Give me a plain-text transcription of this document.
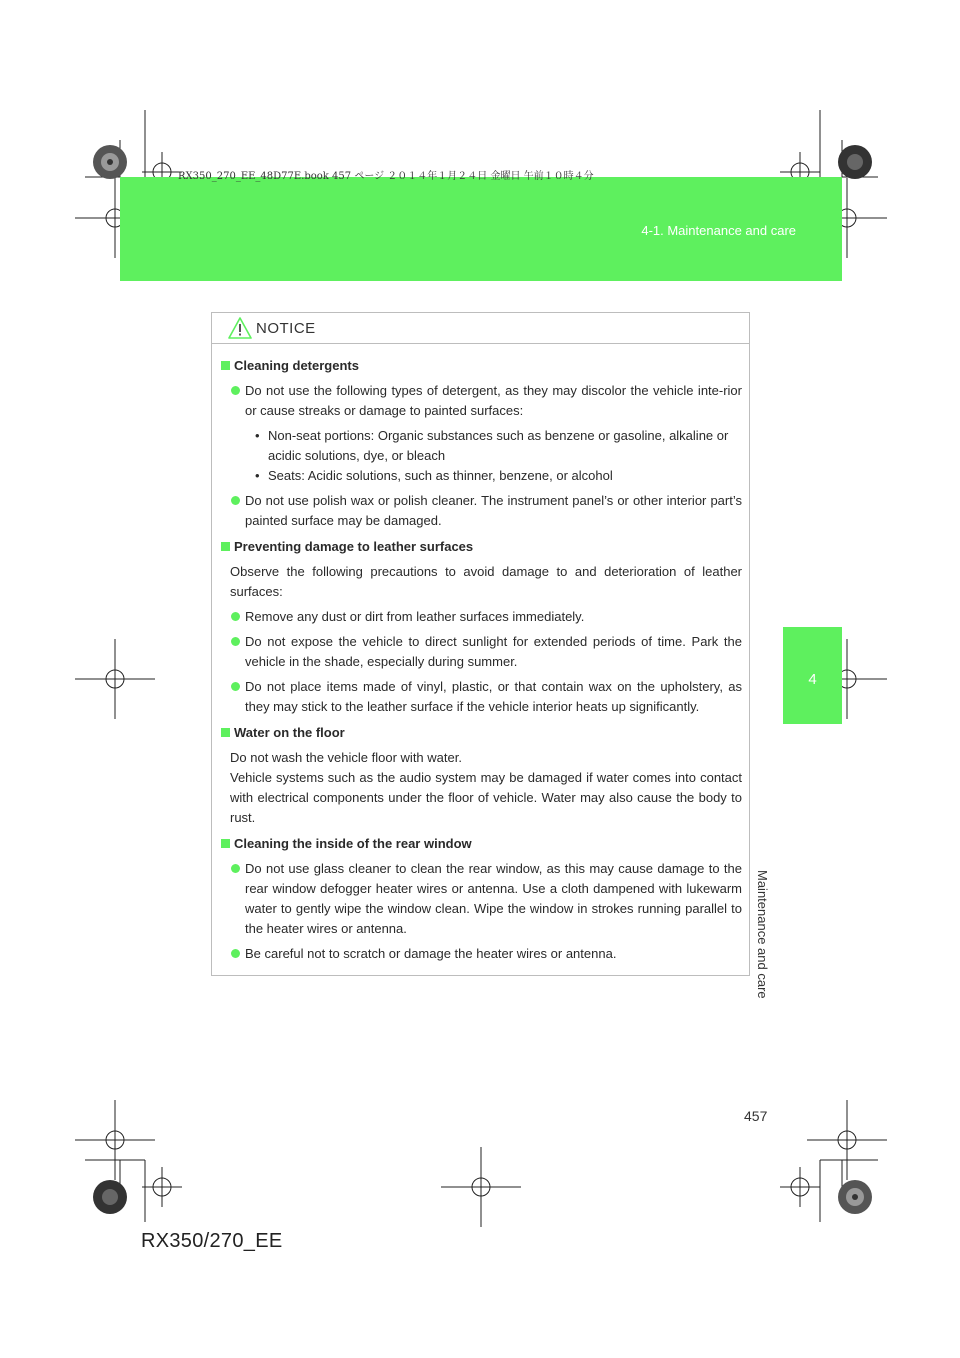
RX350_270_EE_48D77E.book 457 ページ ２０１４年１月２４日 金曜日 午前１０時４分
4-1. Maintenance and care
4
Maintenance and care
NOTICE
Cleaning detergents
Do not use the following types of detergent, as they may discolor the vehicle inte-rior or cause streaks or damage to painted surfaces:
• Non-seat portions: Organic substances such as benzene or gasoline, alkaline or acidic solutions, dye, or bleach
• Seats: Acidic solutions, such as thinner, benzene, or alcohol
Do not use polish wax or polish cleaner. The instrument panel’s or other interior part’s painted surface may be damaged.
Preventing damage to leather surfaces
Observe the following precautions to avoid damage to and deterioration of leather surfaces:
Remove any dust or dirt from leather surfaces immediately.
Do not expose the vehicle to direct sunlight for extended periods of time. Park the vehicle in the shade, especially during summer.
Do not place items made of vinyl, plastic, or that contain wax on the upholstery, as they may stick to the leather surface if the vehicle interior heats up significantly.
Water on the floor
Do not wash the vehicle floor with water.
Vehicle systems such as the audio system may be damaged if water comes into contact with electrical components under the floor of vehicle. Water may also cause the body to rust.
Cleaning the inside of the rear window
Do not use glass cleaner to clean the rear window, as this may cause damage to the rear window defogger heater wires or antenna. Use a cloth dampened with lukewarm water to gently wipe the window clean. Wipe the window in strokes running parallel to the heater wires or antenna.
Be careful not to scratch or damage the heater wires or antenna.
457
RX350/270_EE
